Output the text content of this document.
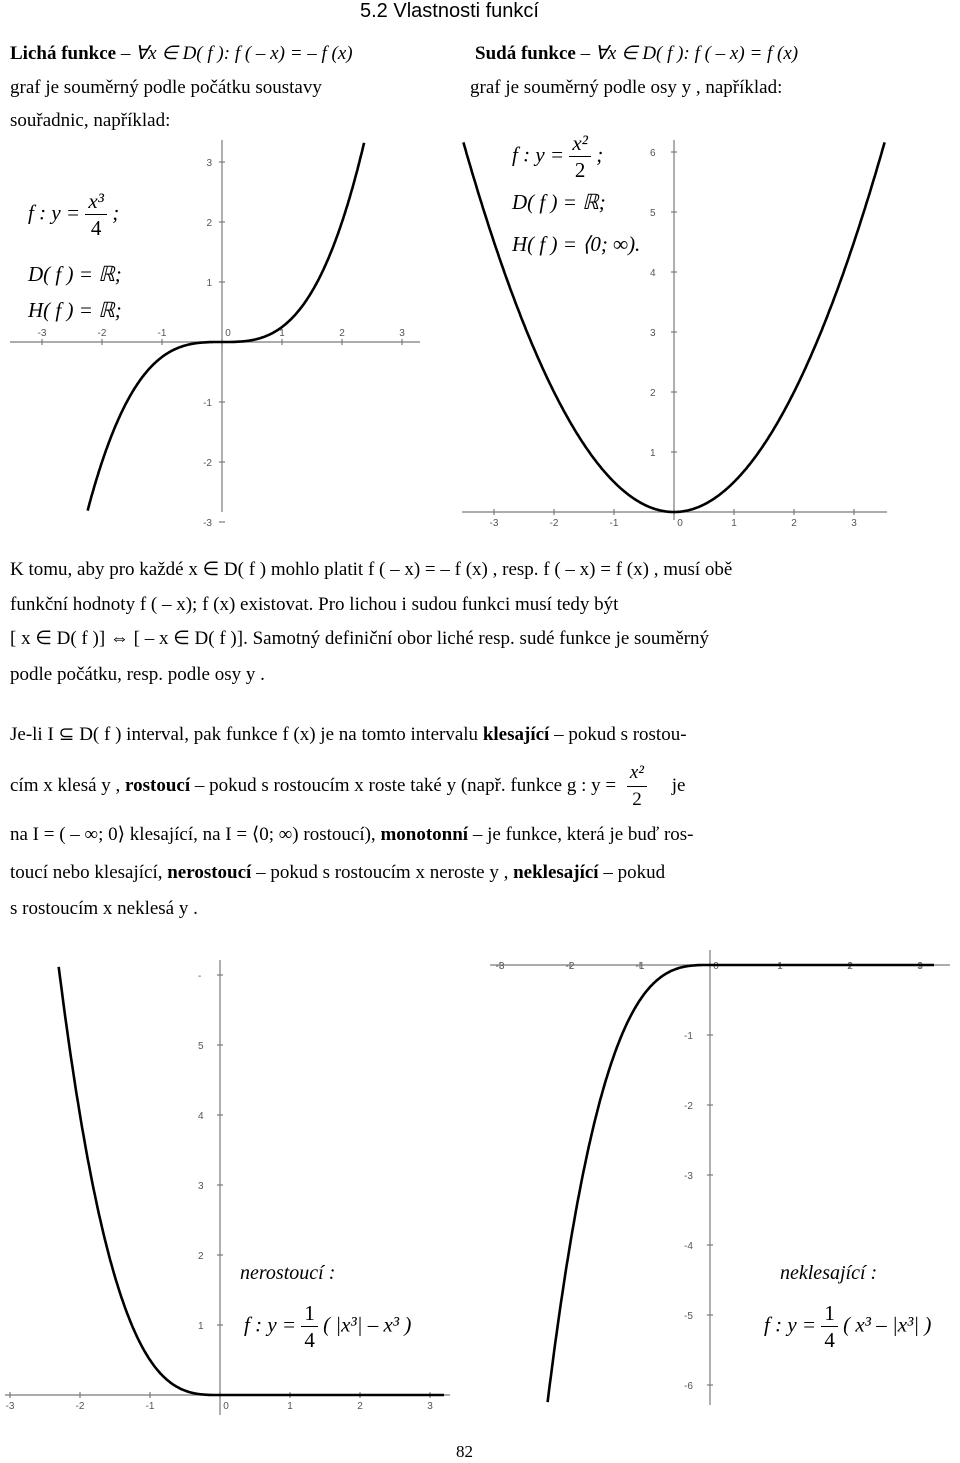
5.2 Vlastnosti funkcí
Lichá funkce – ∀x ∈ D( f ): f ( – x) = – f (x)
graf je souměrný podle počátku soustavy
souřadnic, například:
f : $y = \frac{\text{x³}}{4}$ ;
D( f ) = ℝ;
H( f ) = ℝ;
Sudá funkce – ∀x ∈ D( f ): f ( – x) = f (x)
graf je souměrný podle osy y , například:
f : $y = \frac{\text{x²}}{2}$ ;
D( f ) = ℝ;
H( f ) = ⟨0; ∞).
-3	-2	-1	0	1	2	3
3
2
1
-1
-2
-3	-3	-2	-1	0	1	2	3
6
5
4
3
2
1
K tomu, aby pro každé x ∈ D( f ) mohlo platit f ( – x) = – f (x) , resp. f ( – x) = f (x) , musí obě
funkční hodnoty f ( – x); f (x) existovat. Pro lichou i sudou funkci musí tedy být
[ x ∈ D( f )] ⇔ [ – x ∈ D( f )]. Samotný definiční obor liché resp. sudé funkce je souměrný
podle počátku, resp. podle osy y .
Je-li I ⊆ D( f ) interval, pak funkce f (x) je na tomto intervalu klesající – pokud s rostou-
cím x klesá y , rostoucí – pokud s rostoucím x roste také y (např. funkce g : $y = \frac{\text{x²}}{2}$ je
na I = ( – ∞; 0⟩ klesající, na I = ⟨0; ∞) rostoucí), monotonní – je funkce, která je buď ros-
toucí nebo klesající, nerostoucí – pokud s rostoucím x neroste y , neklesající – pokud
s rostoucím x neklesá y .
-3	-2	-1	0	1	2	3
-
5
4
3
2
1
nerostoucí :
f : $y = \frac{1}{4}$ ( |x³| – x³ )
-3	-2	-1	0	1	2	3
-1
-2
-3
-4
-5
-6
neklesající :
f : $y = \frac{1}{4}$ ( x³ – |x³| )
82
